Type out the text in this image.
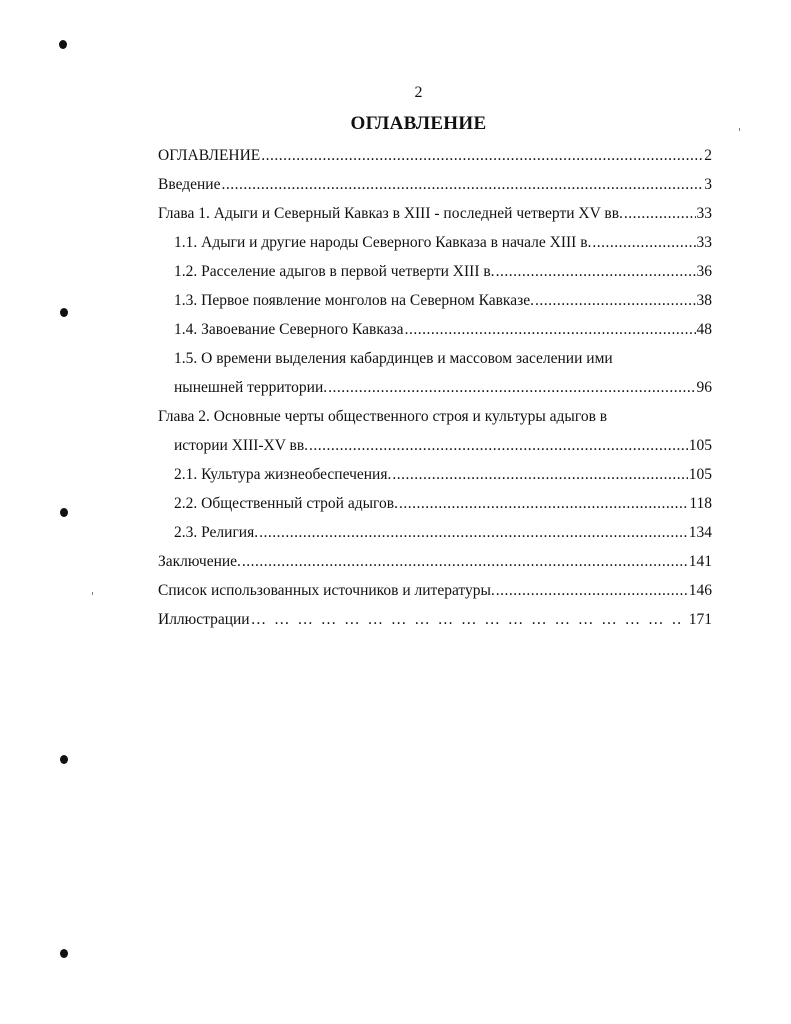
2
ОГЛАВЛЕНИЕ
ОГЛАВЛЕНИЕ .....	2
Введение .....	3
Глава 1. Адыги и Северный Кавказ в XIII - последней четверти XV вв. .....	33
1.1. Адыги и другие народы Северного Кавказа в начале XIII в. .....	33
1.2. Расселение адыгов в первой четверти XIII в. .....	36
1.3. Первое появление монголов на Северном Кавказе. .....	38
1.4. Завоевание Северного Кавказа .....	48
1.5. О времени выделения кабардинцев и массовом заселении ими
нынешней территории. .....	96
Глава 2. Основные черты общественного строя и культуры адыгов в
истории XIII-XV вв. .....	105
2.1. Культура жизнеобеспечения. .....	105
2.2. Общественный строй адыгов. .....	118
2.3. Религия. .....	134
Заключение. .....	141
Список использованных источников и литературы. .....	146
Иллюстрации … … … … … … … … … … … … … … … … … … … … … … … … … … … … … … … … … … … … … … … … … … … … … … …	171
